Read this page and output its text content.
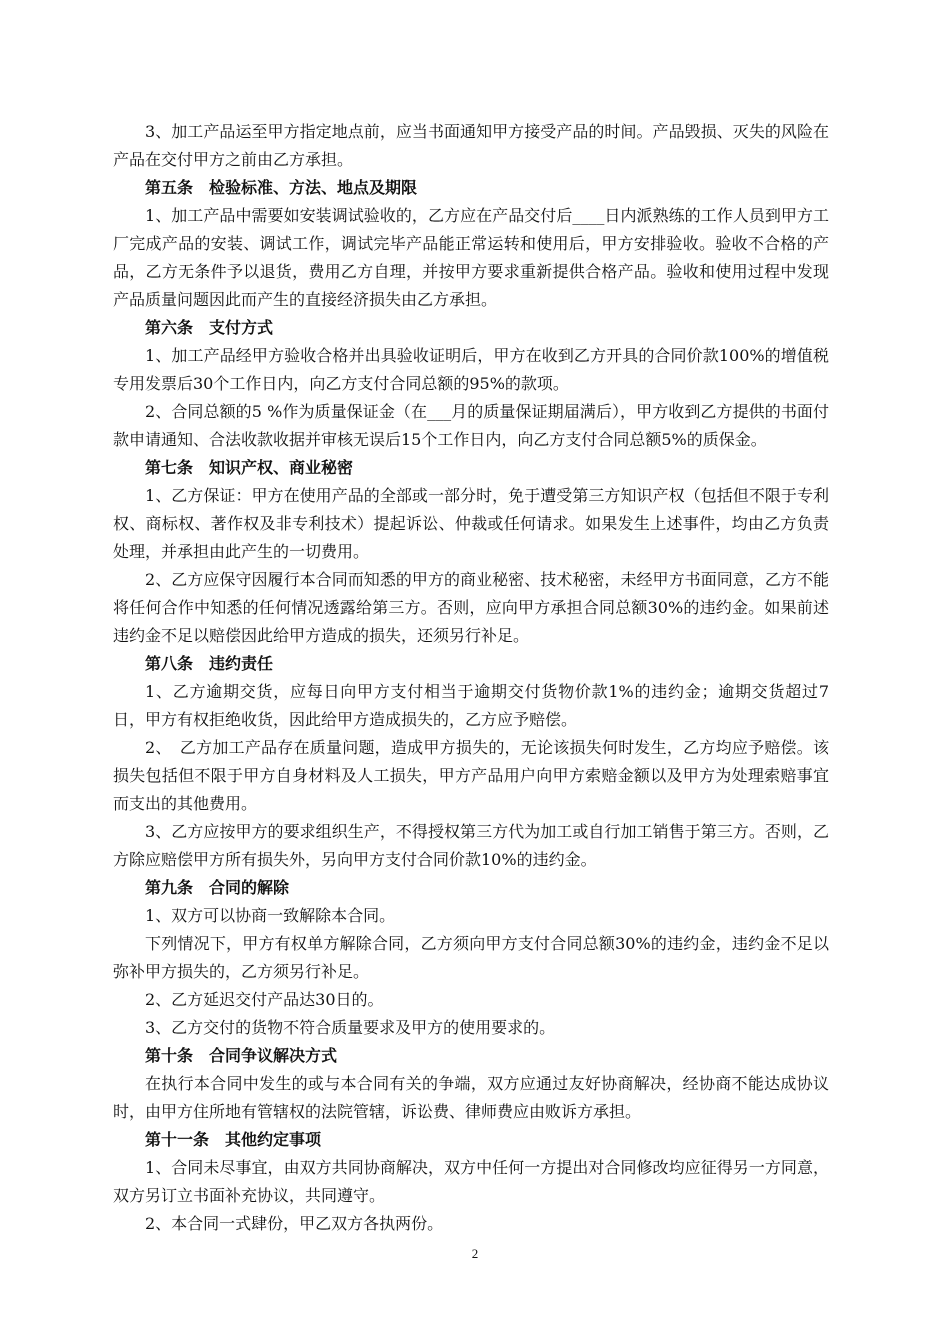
3、加工产品运至甲方指定地点前，应当书面通知甲方接受产品的时间。产品毁损、灭失的风险在产品在交付甲方之前由乙方承担。

第五条　检验标准、方法、地点及期限

1、加工产品中需要如安装调试验收的，乙方应在产品交付后____日内派熟练的工作人员到甲方工厂完成产品的安装、调试工作，调试完毕产品能正常运转和使用后，甲方安排验收。验收不合格的产品，乙方无条件予以退货，费用乙方自理，并按甲方要求重新提供合格产品。验收和使用过程中发现产品质量问题因此而产生的直接经济损失由乙方承担。

第六条　支付方式

1、加工产品经甲方验收合格并出具验收证明后，甲方在收到乙方开具的合同价款100%的增值税专用发票后30个工作日内，向乙方支付合同总额的95%的款项。

2、合同总额的5 %作为质量保证金（在___月的质量保证期届满后），甲方收到乙方提供的书面付款申请通知、合法收款收据并审核无误后15个工作日内，向乙方支付合同总额5%的质保金。

第七条　知识产权、商业秘密

1、乙方保证：甲方在使用产品的全部或一部分时，免于遭受第三方知识产权（包括但不限于专利权、商标权、著作权及非专利技术）提起诉讼、仲裁或任何请求。如果发生上述事件，均由乙方负责处理，并承担由此产生的一切费用。

2、乙方应保守因履行本合同而知悉的甲方的商业秘密、技术秘密，未经甲方书面同意，乙方不能将任何合作中知悉的任何情况透露给第三方。否则，应向甲方承担合同总额30%的违约金。如果前述违约金不足以赔偿因此给甲方造成的损失，还须另行补足。

第八条　违约责任

1、乙方逾期交货，应每日向甲方支付相当于逾期交付货物价款1%的违约金；逾期交货超过7日，甲方有权拒绝收货，因此给甲方造成损失的，乙方应予赔偿。

2、　乙方加工产品存在质量问题，造成甲方损失的，无论该损失何时发生，乙方均应予赔偿。该损失包括但不限于甲方自身材料及人工损失，甲方产品用户向甲方索赔金额以及甲方为处理索赔事宜而支出的其他费用。

3、乙方应按甲方的要求组织生产，不得授权第三方代为加工或自行加工销售于第三方。否则，乙方除应赔偿甲方所有损失外，另向甲方支付合同价款10%的违约金。

第九条　合同的解除

1、双方可以协商一致解除本合同。

下列情况下，甲方有权单方解除合同，乙方须向甲方支付合同总额30%的违约金，违约金不足以弥补甲方损失的，乙方须另行补足。

2、乙方延迟交付产品达30日的。

3、乙方交付的货物不符合质量要求及甲方的使用要求的。

第十条　合同争议解决方式

在执行本合同中发生的或与本合同有关的争端，双方应通过友好协商解决，经协商不能达成协议时，由甲方住所地有管辖权的法院管辖，诉讼费、律师费应由败诉方承担。

第十一条　其他约定事项

1、合同未尽事宜，由双方共同协商解决，双方中任何一方提出对合同修改均应征得另一方同意，双方另订立书面补充协议，共同遵守。

2、本合同一式肆份，甲乙双方各执两份。

2
